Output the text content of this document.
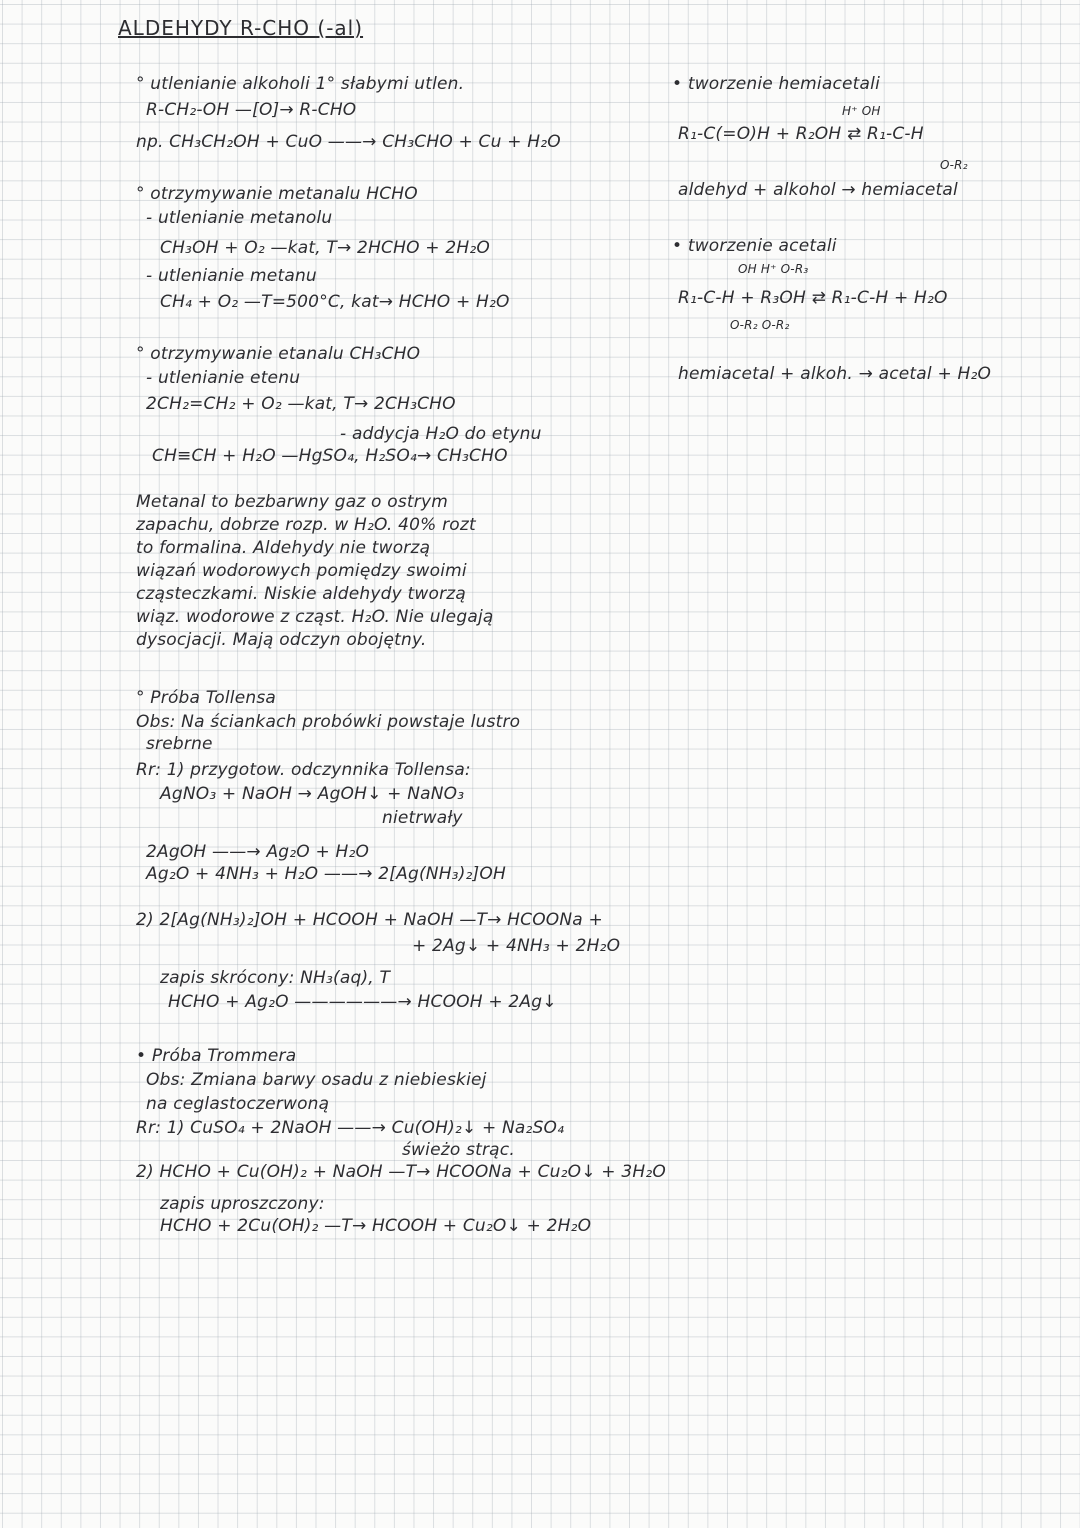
ALDEHYDY R-CHO (-al)
° utlenianie alkoholi 1° słabymi utlen.
R-CH₂-OH —[O]→ R-CHO
np. CH₃CH₂OH + CuO ——→ CH₃CHO + Cu + H₂O
° otrzymywanie metanalu HCHO
- utlenianie metanolu
CH₃OH + O₂ —kat, T→ 2HCHO + 2H₂O
- utlenianie metanu
CH₄ + O₂ —T=500°C, kat→ HCHO + H₂O
° otrzymywanie etanalu CH₃CHO
- utlenianie etenu
2CH₂=CH₂ + O₂ —kat, T→ 2CH₃CHO
- addycja H₂O do etynu
CH≡CH + H₂O —HgSO₄, H₂SO₄→ CH₃CHO
Metanal to bezbarwny gaz o ostrym
zapachu, dobrze rozp. w H₂O. 40% rozt
to formalina. Aldehydy nie tworzą
wiązań wodorowych pomiędzy swoimi
cząsteczkami. Niskie aldehydy tworzą
wiąz. wodorowe z cząst. H₂O. Nie ulegają
dysocjacji. Mają odczyn obojętny.
° Próba Tollensa
Obs: Na ściankach probówki powstaje lustro
srebrne
Rr: 1) przygotow. odczynnika Tollensa:
AgNO₃ + NaOH → AgOH↓ + NaNO₃
nietrwały
2AgOH ——→ Ag₂O + H₂O
Ag₂O + 4NH₃ + H₂O ——→ 2[Ag(NH₃)₂]OH
2) 2[Ag(NH₃)₂]OH + HCOOH + NaOH —T→ HCOONa +
+ 2Ag↓ + 4NH₃ + 2H₂O
zapis skrócony: NH₃(aq), T
HCHO + Ag₂O ——————→ HCOOH + 2Ag↓
• Próba Trommera
Obs: Zmiana barwy osadu z niebieskiej
na ceglastoczerwoną
Rr: 1) CuSO₄ + 2NaOH ——→ Cu(OH)₂↓ + Na₂SO₄
świeżo strąc.
2) HCHO + Cu(OH)₂ + NaOH —T→ HCOONa + Cu₂O↓ + 3H₂O
zapis uproszczony:
HCHO + 2Cu(OH)₂ —T→ HCOOH + Cu₂O↓ + 2H₂O
• tworzenie hemiacetali
H⁺ OH
R₁-C(=O)H + R₂OH ⇄ R₁-C-H
O-R₂
aldehyd + alkohol → hemiacetal
• tworzenie acetali
OH H⁺ O-R₃
R₁-C-H + R₃OH ⇄ R₁-C-H + H₂O
O-R₂ O-R₂
hemiacetal + alkoh. → acetal + H₂O
